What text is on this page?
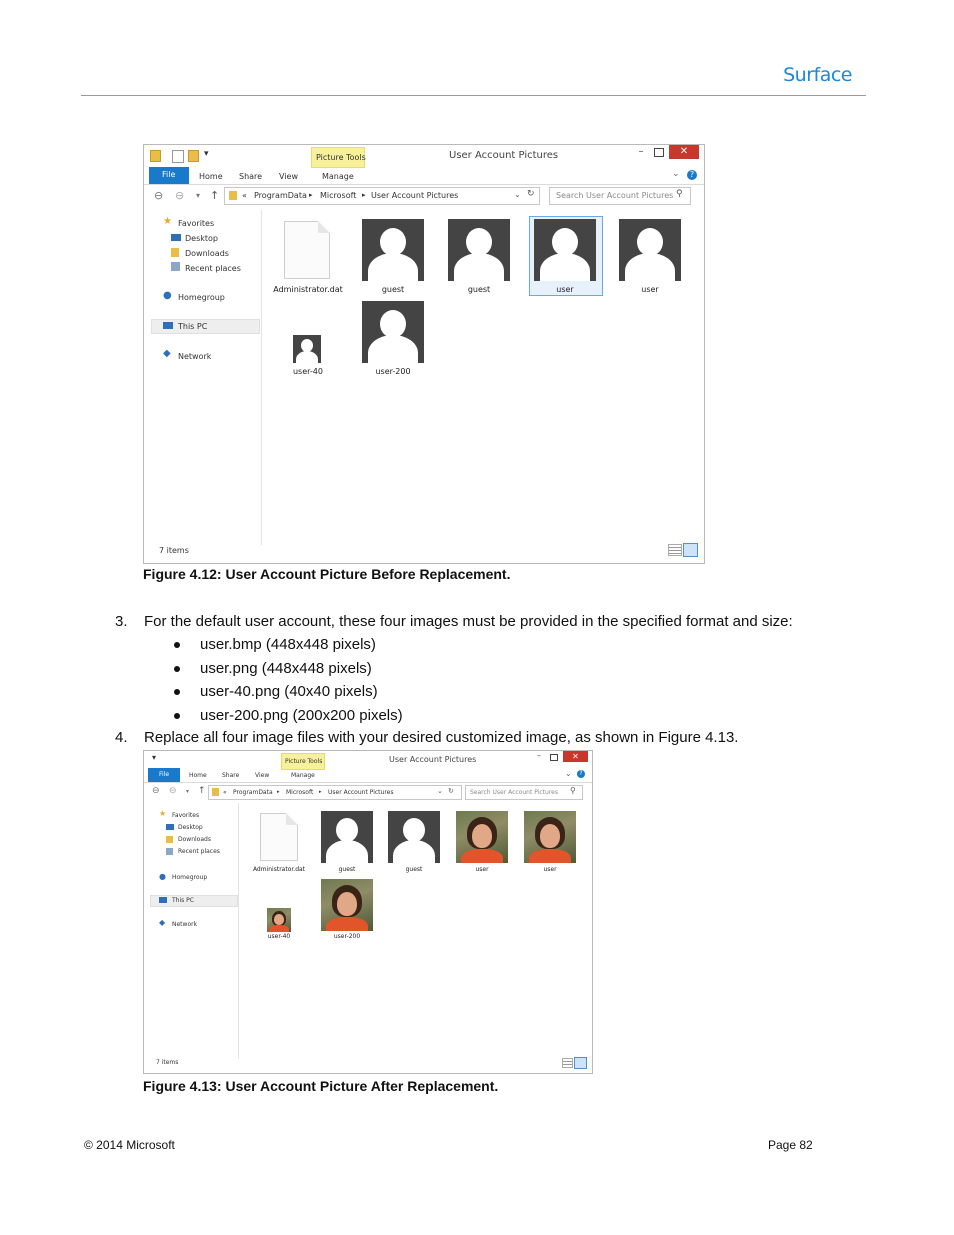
Surface
▾	Picture Tools	User Account Pictures	–	✕
File	Home Share View	Manage	⌄	?
⊖ ⊖ ▾ ↑	« ProgramData ▸ Microsoft ▸ User Account Pictures	⌄ ↻	Search User Account Pictures ⚲
★ Favorites
Desktop
Downloads
Recent places
● Homegroup
This PC
◆ Network
Administrator.dat	guest	guest	user	user
user-40	user-200
7 items
Figure 4.12: User Account Picture Before Replacement.
3. For the default user account, these four images must be provided in the specified format and size:
user.bmp (448x448 pixels)
user.png (448x448 pixels)
user-40.png (40x40 pixels)
user-200.png (200x200 pixels)
4. Replace all four image files with your desired customized image, as shown in Figure 4.13.
▾	Picture Tools	User Account Pictures	–	✕
File	Home	Share	View	Manage	⌄	?
⊖ ⊖ ▾ ↑	« ProgramData ▸ Microsoft ▸ User Account Pictures	⌄ ↻	Search User Account Pictures ⚲
★ Favorites
Desktop
Downloads
Recent places
● Homegroup
This PC
◆ Network
Administrator.dat	guest	guest	user	user
user-40	user-200
7 items
Figure 4.13: User Account Picture After Replacement.
© 2014 Microsoft	Page 82
